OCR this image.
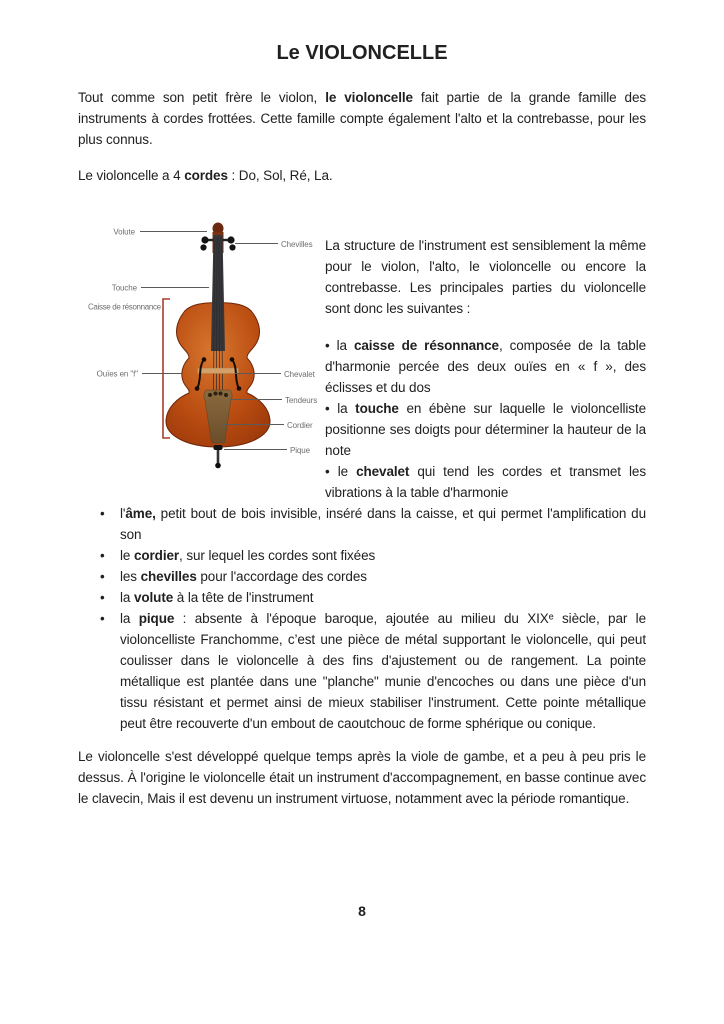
Le VIOLONCELLE

Tout comme son petit frère le violon, le violoncelle fait partie de la grande famille des instruments à cordes frottées. Cette famille compte également l'alto et la contrebasse, pour les plus connus.

Le violoncelle a 4 cordes : Do, Sol, Ré, La.

Volute
Chevilles
Touche
Caisse de résonnance
Ouïes en "f"	Chevalet
Tendeurs
Cordier
Pique

La structure de l'instrument est sensiblement la même pour le violon, l'alto, le violoncelle ou encore la contrebasse. Les principales parties du violoncelle sont donc les suivantes :

• la caisse de résonnance, composée de la table d'harmonie percée des deux ouïes en « f », des éclisses et du dos

• la touche en ébène sur laquelle le violoncelliste positionne ses doigts pour déterminer la hauteur de la note

• le chevalet qui tend les cordes et transmet les vibrations à la table d'harmonie

• l'âme, petit bout de bois invisible, inséré dans la caisse, et qui permet l'amplification du son
• le cordier, sur lequel les cordes sont fixées
• les chevilles pour l'accordage des cordes
• la volute à la tête de l'instrument
• la pique : absente à l'époque baroque, ajoutée au milieu du XIXᵉ siècle, par le violoncelliste Franchomme, c’est une pièce de métal supportant le violoncelle, qui peut coulisser dans le violoncelle à des fins d'ajustement ou de rangement. La pointe métallique est plantée dans une "planche" munie d'encoches ou dans une pièce d'un tissu résistant et permet ainsi de mieux stabiliser l'instrument. Cette pointe métallique peut être recouverte d'un embout de caoutchouc de forme sphérique ou conique.

Le violoncelle s'est développé quelque temps après la viole de gambe, et a peu à peu pris le dessus. À l'origine le violoncelle était un instrument d'accompagnement, en basse continue avec le clavecin, Mais il est devenu un instrument virtuose, notamment avec la période romantique.

8
